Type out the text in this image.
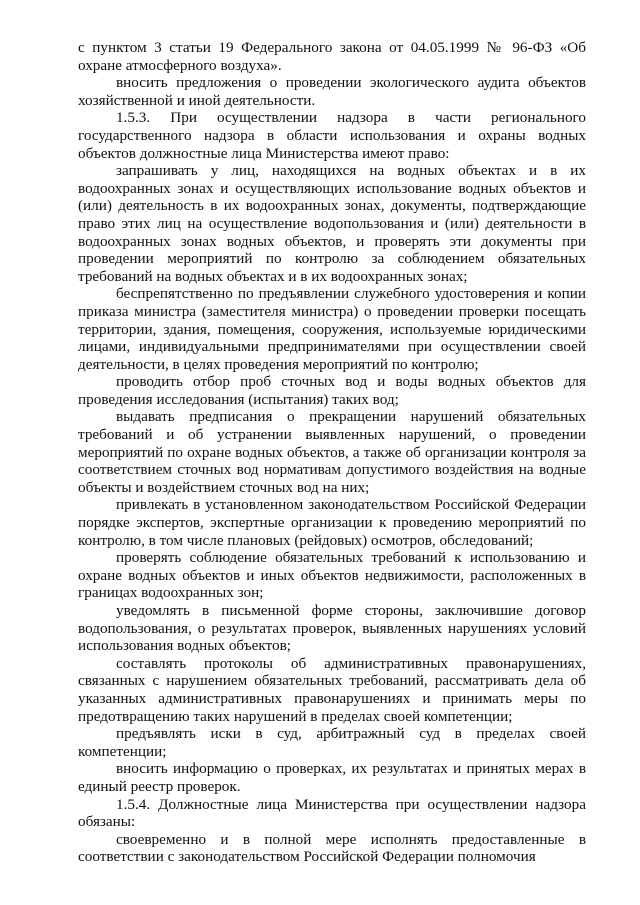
с пунктом 3 статьи 19 Федерального закона от 04.05.1999 № 96-ФЗ «Об охране атмосферного воздуха».

вносить предложения о проведении экологического аудита объектов хозяйственной и иной деятельности.

1.5.3. При осуществлении надзора в части регионального государственного надзора в области использования и охраны водных объектов должностные лица Министерства имеют право:

запрашивать у лиц, находящихся на водных объектах и в их водоохранных зонах и осуществляющих использование водных объектов и (или) деятельность в их водоохранных зонах, документы, подтверждающие право этих лиц на осуществление водопользования и (или) деятельности в водоохранных зонах водных объектов, и проверять эти документы при проведении мероприятий по контролю за соблюдением обязательных требований на водных объектах и в их водоохранных зонах;

беспрепятственно по предъявлении служебного удостоверения и копии приказа министра (заместителя министра) о проведении проверки посещать территории, здания, помещения, сооружения, используемые юридическими лицами, индивидуальными предпринимателями при осуществлении своей деятельности, в целях проведения мероприятий по контролю;

проводить отбор проб сточных вод и воды водных объектов для проведения исследования (испытания) таких вод;

выдавать предписания о прекращении нарушений обязательных требований и об устранении выявленных нарушений, о проведении мероприятий по охране водных объектов, а также об организации контроля за соответствием сточных вод нормативам допустимого воздействия на водные объекты и воздействием сточных вод на них;

привлекать в установленном законодательством Российской Федерации порядке экспертов, экспертные организации к проведению мероприятий по контролю, в том числе плановых (рейдовых) осмотров, обследований;

проверять соблюдение обязательных требований к использованию и охране водных объектов и иных объектов недвижимости, расположенных в границах водоохранных зон;

уведомлять в письменной форме стороны, заключившие договор водопользования, о результатах проверок, выявленных нарушениях условий использования водных объектов;

составлять протоколы об административных правонарушениях, связанных с нарушением обязательных требований, рассматривать дела об указанных административных правонарушениях и принимать меры по предотвращению таких нарушений в пределах своей компетенции;

предъявлять иски в суд, арбитражный суд в пределах своей компетенции;

вносить информацию о проверках, их результатах и принятых мерах в единый реестр проверок.

1.5.4. Должностные лица Министерства при осуществлении надзора обязаны:

своевременно и в полной мере исполнять предоставленные в соответствии с законодательством Российской Федерации полномочия
